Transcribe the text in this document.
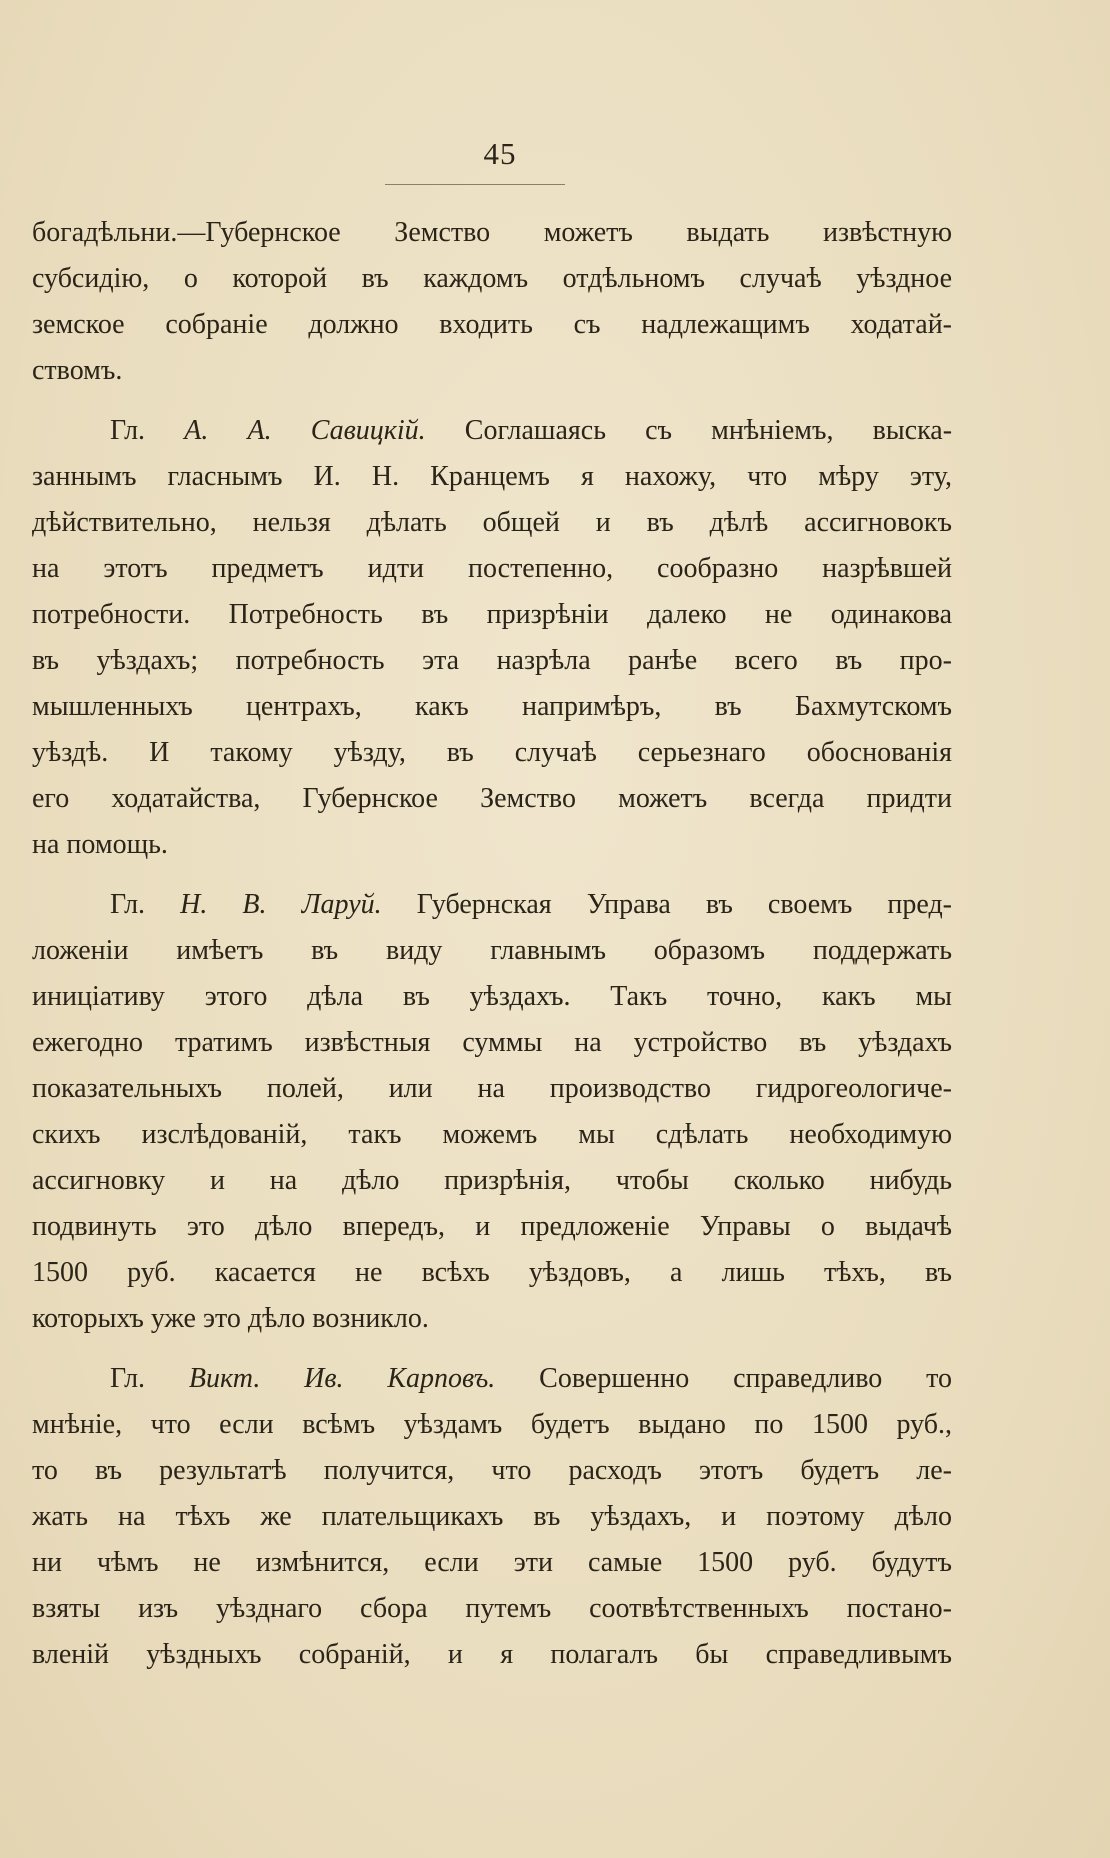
45
богадѣльни.—Губернское Земство можетъ выдать извѣстную
субсидію, о которой въ каждомъ отдѣльномъ случаѣ уѣздное
земское собраніе должно входить съ надлежащимъ ходатай-
ствомъ.
Гл. А. А. Савицкій. Соглашаясь съ мнѣніемъ, выска-
заннымъ гласнымъ И. Н. Кранцемъ я нахожу, что мѣру эту,
дѣйствительно, нельзя дѣлать общей и въ дѣлѣ ассигновокъ
на этотъ предметъ идти постепенно, сообразно назрѣвшей
потребности. Потребность въ призрѣніи далеко не одинакова
въ уѣздахъ; потребность эта назрѣла ранѣе всего въ про-
мышленныхъ центрахъ, какъ напримѣръ, въ Бахмутскомъ
уѣздѣ. И такому уѣзду, въ случаѣ серьезнаго обоснованія
его ходатайства, Губернское Земство можетъ всегда придти
на помощь.
Гл. Н. В. Ларуй. Губернская Управа въ своемъ пред-
ложеніи имѣетъ въ виду главнымъ образомъ поддержать
иниціативу этого дѣла въ уѣздахъ. Такъ точно, какъ мы
ежегодно тратимъ извѣстныя суммы на устройство въ уѣздахъ
показательныхъ полей, или на производство гидрогеологиче-
скихъ изслѣдованій, такъ можемъ мы сдѣлать необходимую
ассигновку и на дѣло призрѣнія, чтобы сколько нибудь
подвинуть это дѣло впередъ, и предложеніе Управы о выдачѣ
1500 руб. касается не всѣхъ уѣздовъ, а лишь тѣхъ, въ
которыхъ уже это дѣло возникло.
Гл. Викт. Ив. Карповъ. Совершенно справедливо то
мнѣніе, что если всѣмъ уѣздамъ будетъ выдано по 1500 руб.,
то въ результатѣ получится, что расходъ этотъ будетъ ле-
жать на тѣхъ же плательщикахъ въ уѣздахъ, и поэтому дѣло
ни чѣмъ не измѣнится, если эти самые 1500 руб. будутъ
взяты изъ уѣзднаго сбора путемъ соотвѣтственныхъ постано-
вленій уѣздныхъ собраній, и я полагалъ бы справедливымъ
